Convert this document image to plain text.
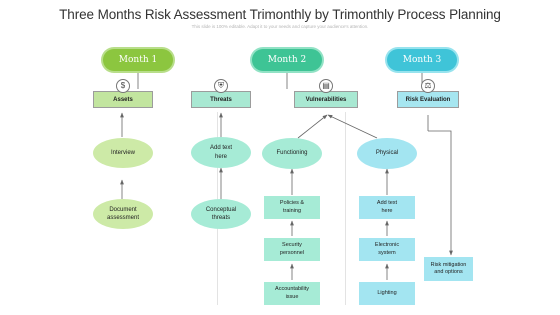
Three Months Risk Assessment Trimonthly by Trimonthly Process Planning
This slide is 100% editable. Adapt it to your needs and capture your audience's attention.
Month 1	Month 2	Month 3
Assets	Threats	Vulnerabilities	Risk Evaluation
$	⛨	▤	⚖
Interview
Document
assessment
Add text
here
Conceptual
threats
Functioning
Policies &
training
Security
personnel
Accountability
issue
Physical
Add text
here
Electronic
system
Lighting
Risk mitigation
and options
